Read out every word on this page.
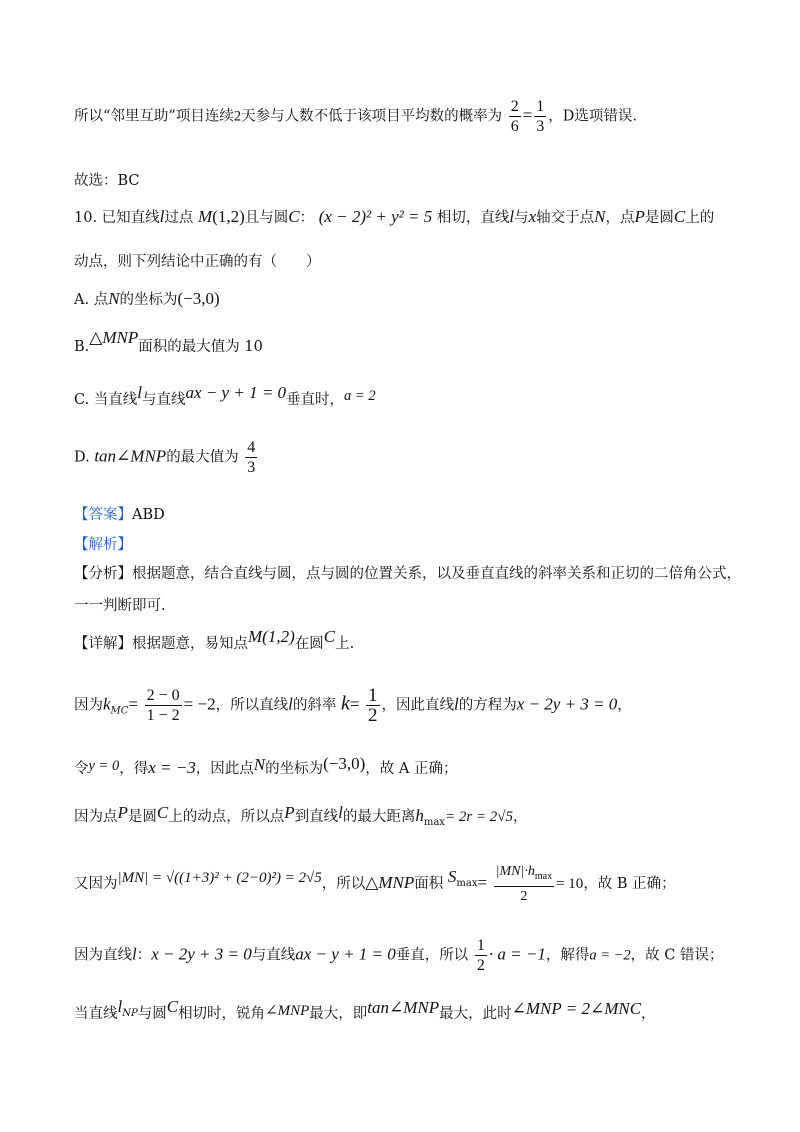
所以“邻里互助”项目连续2天参与人数不低于该项目平均数的概率为 $\frac{2}{6} = \frac{1}{3}$ ，D选项错误.
故选：BC
10. 已知直线l过点 M(1,2)且与圆C： (x − 2)² + y² = 5 相切，直线l与x轴交于点N，点P是圆C上的
动点，则下列结论中正确的有（　　）
A. 点N的坐标为(−3,0)
B.△MNP面积的最大值为 10
C. 当直线l与直线ax − y + 1 = 0垂直时，a = 2
D. tan∠MNP的最大值为 $\frac{4}{3}$
【答案】ABD
【解析】
【分析】根据题意，结合直线与圆，点与圆的位置关系，以及垂直直线的斜率关系和正切的二倍角公式，
一一判断即可.
【详解】根据题意，易知点M(1,2)在圆C上.
因为$k_{MC}= \frac{2 - 0}{1 - 2} = -2$，所以直线l的斜率 $k= \frac{1}{2}$ ，因此直线l的方程为x − 2y + 3 = 0，
令y = 0，得x = −3，因此点N的坐标为(−3,0)，故 A 正确；
因为点P是圆C上的动点，所以点P到直线l的最大距离$h_{max}= 2r = 2√5$，
又因为|MN| = √((1+3)² + (2−0)²) = 2√5，所以△MNP面积 $S_{max}= \frac{|MN|\cdot h_{max}}{2} = 10$，故 B 正确；
因为直线l：x − 2y + 3 = 0与直线ax − y + 1 = 0垂直，所以 $\frac{1}{2} \cdot a = -1$，解得a = −2，故 C 错误；
当直线$l_{NP}$与圆C相切时，锐角∠MNP最大，即tan∠MNP最大，此时∠MNP = 2∠MNC，
